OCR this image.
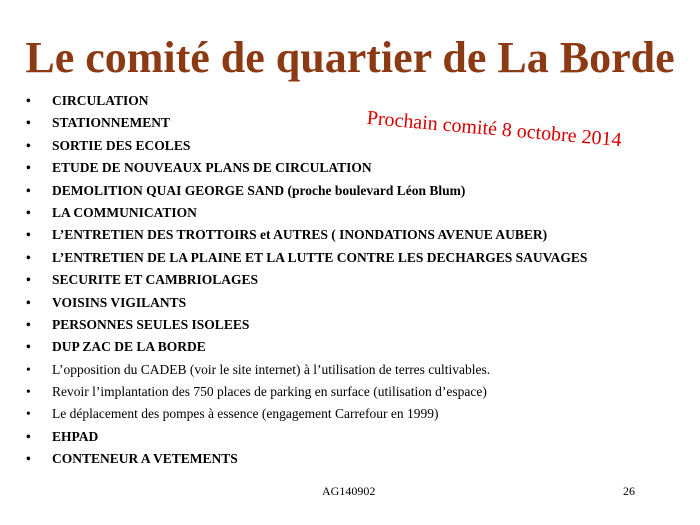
Le comité de quartier de La Borde
• CIRCULATION
• STATIONNEMENT
• SORTIE DES ECOLES
• ETUDE DE NOUVEAUX PLANS DE CIRCULATION
• DEMOLITION QUAI GEORGE SAND (proche boulevard Léon Blum)
• LA COMMUNICATION
• L’ENTRETIEN DES TROTTOIRS et AUTRES ( INONDATIONS AVENUE AUBER)
• L’ENTRETIEN DE LA PLAINE ET LA LUTTE CONTRE LES DECHARGES SAUVAGES
• SECURITE ET CAMBRIOLAGES
• VOISINS VIGILANTS
• PERSONNES SEULES ISOLEES
• DUP ZAC DE LA BORDE
• L’opposition du CADEB (voir le site internet) à l’utilisation de terres cultivables.
• Revoir l’implantation des 750 places de parking en surface (utilisation d’espace)
• Le déplacement des pompes à essence (engagement Carrefour en 1999)
• EHPAD
• CONTENEUR A VETEMENTS
Prochain comité 8 octobre 2014
AG140902	26
